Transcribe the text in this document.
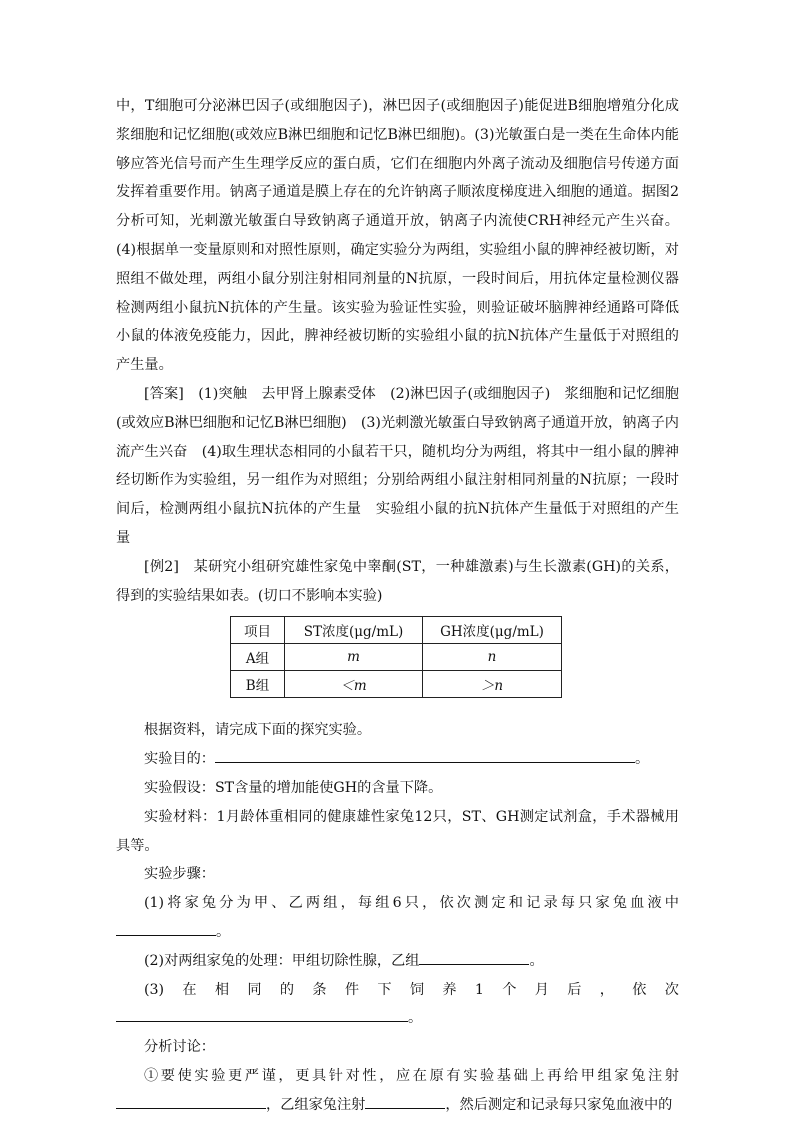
中，T细胞可分泌淋巴因子(或细胞因子)，淋巴因子(或细胞因子)能促进B细胞增殖分化成浆细胞和记忆细胞(或效应B淋巴细胞和记忆B淋巴细胞)。(3)光敏蛋白是一类在生命体内能够应答光信号而产生生理学反应的蛋白质，它们在细胞内外离子流动及细胞信号传递方面发挥着重要作用。钠离子通道是膜上存在的允许钠离子顺浓度梯度进入细胞的通道。据图2分析可知，光刺激光敏蛋白导致钠离子通道开放，钠离子内流使CRH神经元产生兴奋。(4)根据单一变量原则和对照性原则，确定实验分为两组，实验组小鼠的脾神经被切断，对照组不做处理，两组小鼠分别注射相同剂量的N抗原，一段时间后，用抗体定量检测仪器检测两组小鼠抗N抗体的产生量。该实验为验证性实验，则验证破坏脑脾神经通路可降低小鼠的体液免疫能力，因此，脾神经被切断的实验组小鼠的抗N抗体产生量低于对照组的产生量。

[答案]　(1)突触　去甲肾上腺素受体　(2)淋巴因子(或细胞因子)　浆细胞和记忆细胞(或效应B淋巴细胞和记忆B淋巴细胞)　(3)光刺激光敏蛋白导致钠离子通道开放，钠离子内流产生兴奋　(4)取生理状态相同的小鼠若干只，随机均分为两组，将其中一组小鼠的脾神经切断作为实验组，另一组作为对照组；分别给两组小鼠注射相同剂量的N抗原；一段时间后，检测两组小鼠抗N抗体的产生量　实验组小鼠的抗N抗体产生量低于对照组的产生量

[例2]　某研究小组研究雄性家兔中睾酮(ST，一种雄激素)与生长激素(GH)的关系，得到的实验结果如表。(切口不影响本实验)

项目	ST浓度(μg/mL)	GH浓度(μg/mL)
A组	m	n
B组	＜m	＞n

根据资料，请完成下面的探究实验。

实验目的：	。

实验假设：ST含量的增加能使GH的含量下降。

实验材料：1月龄体重相同的健康雄性家兔12只，ST、GH测定试剂盒，手术器械用具等。

实验步骤：

(1)将家兔分为甲、乙两组，每组6只，依次测定和记录每只家兔血液中

。

(2)对两组家兔的处理：甲组切除性腺，乙组	。

(3) 在 相 同 的 条 件 下 饲 养 1 个 月 后 ， 依 次

。

分析讨论：

①要使实验更严谨，更具针对性，应在原有实验基础上再给甲组家兔注射

，乙组家兔注射	，然后测定和记录每只家兔血液中的
